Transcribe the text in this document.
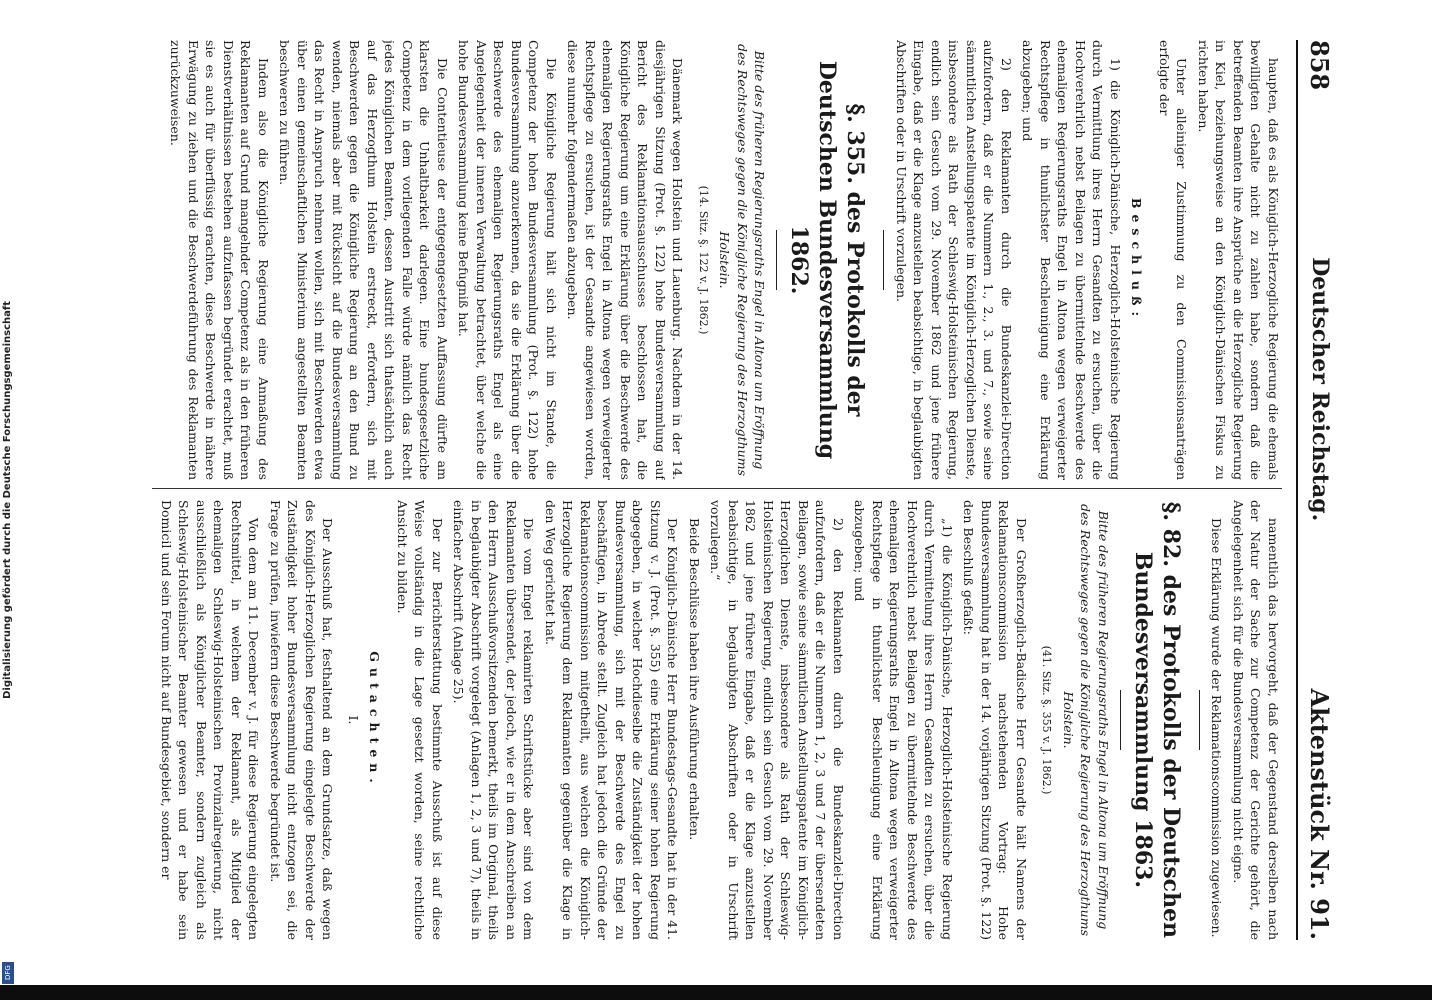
858
Deutscher Reichstag.
Aktenstück Nr. 91.

haupten, daß es als Königlich-Herzogliche Regierung die ehemals bewilligten Gehalte nicht zu zahlen habe, sondern daß die betreffenden Beamten ihre Ansprüche an die Herzogliche Regierung in Kiel, beziehungsweise an den Königlich-Dänischen Fiskus zu richten haben.

Unter alleiniger Zustimmung zu den Commissionsanträgen erfolgte der

Beschluß:

1) die Königlich-Dänische, Herzoglich-Holsteinische Regierung durch Vermittlung ihres Herrn Gesandten zu ersuchen, über die Hochverehrlich nebst Beilagen zu übermittelnde Beschwerde des ehemaligen Regierungsraths Engel in Altona wegen verweigerter Rechtspflege in thunlichster Beschleunigung eine Erklärung abzugeben; und

2) den Reklamanten durch die Bundeskanzlei-Direction aufzufordern, daß er die Nummern 1., 2., 3. und 7., sowie seine sämmtlichen Anstellungspatente im Königlich-Herzoglichen Dienste, insbesondere als Rath der Schleswig-Holsteinischen Regierung, endlich sein Gesuch vom 29. November 1862 und jene frühere Eingabe, daß er die Klage anzustellen beabsichtige, in beglaubigten Abschriften oder in Urschrift vorzulegen.

§. 355. des Protokolls der Deutschen Bundesversammlung 1862.

Bitte des früheren Regierungsraths Engel in Altona um Eröffnung des Rechtsweges gegen die Königliche Regierung des Herzogthums Holstein.

(14. Sitz. §. 122 v. J. 1862.)

Dänemark wegen Holstein und Lauenburg. Nachdem in der 14. diesjährigen Sitzung (Prot. §. 122) hohe Bundesversammlung auf Bericht des Reklamationsausschusses beschlossen hat, die Königliche Regierung um eine Erklärung über die Beschwerde des ehemaligen Regierungsraths Engel in Altona wegen verweigerter Rechtspflege zu ersuchen, ist der Gesandte angewiesen worden, diese nunmehr folgendermaßen abzugeben.

Die Königliche Regierung hält sich nicht im Stande, die Competenz der hohen Bundesversammlung (Prot. §. 122) hohe Bundesversammlung anzuerkennen, da sie die Erklärung über die Beschwerde des ehemaligen Regierungsraths Engel als eine Angelegenheit der inneren Verwaltung betrachtet, über welche die hohe Bundesversammlung keine Befugniß hat.

Die Contentieuse der entgegengesetzten Auffassung dürfte am klarsten die Unhaltbarkeit darlegen. Eine bundesgesetzliche Competenz in dem vorliegenden Falle würde nämlich das Recht jedes Königlichen Beamten, dessen Austritt sich thatsächlich auch auf das Herzogthum Holstein erstreckt, erfordern, sich mit Beschwerden gegen die Königliche Regierung an den Bund zu wenden, niemals aber mit Rücksicht auf die Bundesversammlung das Recht in Anspruch nehmen wollen, sich mit Beschwerden etwa über einen gemeinschaftlichen Ministerium angestellten Beamten beschweren zu führen.

Indem also die Königliche Regierung eine Anmaßung des Reklamanten auf Grund mangelnder Competenz als in den früheren Dienstverhältnissen bestehen aufzufassen begründet erachtet, muß sie es auch für überflüssig erachten, diese Beschwerde in nähere Erwägung zu ziehen und die Beschwerdeführung des Reklamanten zurückzuweisen.

namentlich das hervorgeht, daß der Gegenstand derselben nach der Natur der Sache zur Competenz der Gerichte gehört, die Angelegenheit sich für die Bundesversammlung nicht eigne.

Diese Erklärung wurde der Reklamationscommission zugewiesen.

§. 82. des Protokolls der Deutschen Bundesversammlung 1863.

Bitte des früheren Regierungsraths Engel in Altona um Eröffnung des Rechtsweges gegen die Königliche Regierung des Herzogthums Holstein.

(41. Sitz. §. 355 v. J. 1862.)

Der Großherzoglich-Badische Herr Gesandte hält Namens der Reklamationscommission nachstehenden Vortrag: Hohe Bundesversammlung hat in der 14. vorjährigen Sitzung (Prot. §. 122) den Beschluß gefaßt:

„1) die Königlich-Dänische, Herzoglich-Holsteinische Regierung durch Vermittelung ihres Herrn Gesandten zu ersuchen, über die Hochverehrlich nebst Beilagen zu übermittelnde Beschwerde des ehemaligen Regierungsraths Engel in Altona wegen verweigerter Rechtspflege in thunlichster Beschleunigung eine Erklärung abzugeben; und

2) den Reklamanten durch die Bundeskanzlei-Direction aufzufordern, daß er die Nummern 1, 2, 3 und 7 der übersendeten Beilagen, sowie seine sämmtlichen Anstellungspatente im Königlich-Herzoglichen Dienste, insbesondere als Rath der Schleswig-Holsteinischen Regierung, endlich sein Gesuch vom 29. November 1862 und jene frühere Eingabe, daß er die Klage anzustellen beabsichtige, in beglaubigten Abschriften oder in Urschrift vorzulegen.“

Beide Beschlüsse haben ihre Ausführung erhalten.

Der Königlich-Dänische Herr Bundestags-Gesandte hat in der 41. Sitzung v. J. (Prot. §. 355) eine Erklärung seiner hohen Regierung abgegeben, in welcher Hochdieselbe die Zuständigkeit der hohen Bundesversammlung, sich mit der Beschwerde des Engel zu beschäftigen, in Abrede stellt. Zugleich hat jedoch die Gründe der Reklamationscommission mitgetheilt, aus welchen die Königlich-Herzogliche Regierung dem Reklamanten gegenüber die Klage in den Weg gerichtet hat.

Die vom Engel reklamirten Schriftstücke aber sind von dem Reklamanten übersendet, der jedoch, wie er in dem Anschreiben an den Herrn Ausschußvorsitzenden bemerkt, theils im Original, theils in beglaubigter Abschrift vorgelegt (Anlagen 1, 2, 3 und 7), theils in einfacher Abschrift (Anlage 25).

Der zur Berichterstattung bestimmte Ausschuß ist auf diese Weise vollständig in die Lage gesetzt worden, seine rechtliche Ansicht zu bilden.

Gutachten.

I.

Der Ausschuß hat, festhaltend an dem Grundsatze, daß wegen des Königlich-Herzoglichen Regierung eingelegte Beschwerde der Zuständigkeit hoher Bundesversammlung nicht entzogen sei, die Frage zu prüfen, inwiefern diese Beschwerde begründet ist.

Von dem am 11. December v. J. für diese Regierung eingelegten Rechtsmittel, in welchem der Reklamant, als Mitglied der ehemaligen Schleswig-Holsteinischen Provinzialregierung, nicht ausschließlich als Königlicher Beamter, sondern zugleich als Schleswig-Holsteinischer Beamter gewesen und er habe sein Domicil und sein Forum nicht auf Bundesgebiet, sondern er

Digitalisierung gefördert durch die Deutsche Forschungsgemeinschaft
DFG
